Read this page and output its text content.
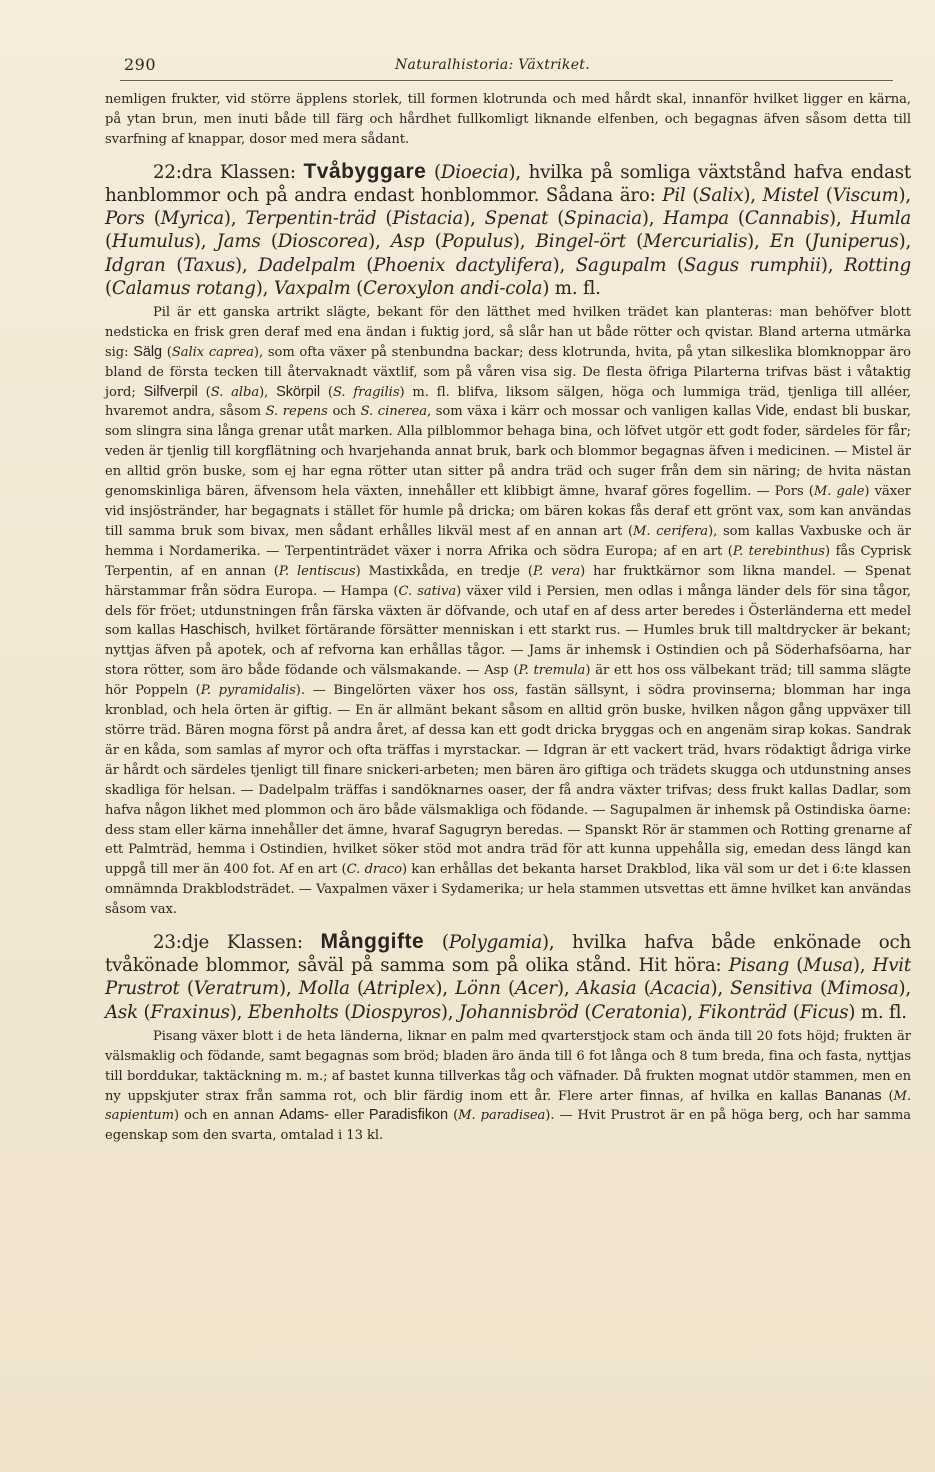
290	Naturalhistoria: Växtriket.

nemligen frukter, vid större äpplens storlek, till formen klotrunda och med hårdt skal, innanför hvilket ligger en kärna, på ytan brun, men inuti både till färg och hårdhet fullkomligt liknande elfenben, och begagnas äfven såsom detta till svarfning af knappar, dosor med mera sådant.

22:dra Klassen: Tvåbyggare (Dioecia), hvilka på somliga växtstånd hafva endast hanblommor och på andra endast honblommor. Sådana äro: Pil (Salix), Mistel (Viscum), Pors (Myrica), Terpentin-träd (Pistacia), Spenat (Spinacia), Hampa (Cannabis), Humla (Humulus), Jams (Dioscorea), Asp (Populus), Bingel-ört (Mercurialis), En (Juniperus), Idgran (Taxus), Dadelpalm (Phoenix dactylifera), Sagupalm (Sagus rumphii), Rotting (Calamus rotang), Vaxpalm (Ceroxylon andi-cola) m. fl.

Pil är ett ganska artrikt slägte, bekant för den lätthet med hvilken trädet kan planteras: man behöfver blott nedsticka en frisk gren deraf med ena ändan i fuktig jord, så slår han ut både rötter och qvistar. Bland arterna utmärka sig: Sälg (Salix caprea), som ofta växer på stenbundna backar; dess klotrunda, hvita, på ytan silkeslika blomknoppar äro bland de första tecken till återvaknadt växtlif, som på våren visa sig. De flesta öfriga Pilarterna trifvas bäst i våtaktig jord; Silfverpil (S. alba), Skörpil (S. fragilis) m. fl. blifva, liksom sälgen, höga och lummiga träd, tjenliga till alléer, hvaremot andra, såsom S. repens och S. cinerea, som växa i kärr och mossar och vanligen kallas Vide, endast bli buskar, som slingra sina långa grenar utåt marken. Alla pilblommor behaga bina, och löfvet utgör ett godt foder, särdeles för får; veden är tjenlig till korgflätning och hvarjehanda annat bruk, bark och blommor begagnas äfven i medicinen. — Mistel är en alltid grön buske, som ej har egna rötter utan sitter på andra träd och suger från dem sin näring; de hvita nästan genomskinliga bären, äfvensom hela växten, innehåller ett klibbigt ämne, hvaraf göres fogellim. — Pors (M. gale) växer vid insjöstränder, har begagnats i stället för humle på dricka; om bären kokas fås deraf ett grönt vax, som kan användas till samma bruk som bivax, men sådant erhålles likväl mest af en annan art (M. cerifera), som kallas Vaxbuske och är hemma i Nordamerika. — Terpentinträdet växer i norra Afrika och södra Europa; af en art (P. terebinthus) fås Cyprisk Terpentin, af en annan (P. lentiscus) Mastixkåda, en tredje (P. vera) har fruktkärnor som likna mandel. — Spenat härstammar från södra Europa. — Hampa (C. sativa) växer vild i Persien, men odlas i många länder dels för sina tågor, dels för fröet; utdunstningen från färska växten är döfvande, och utaf en af dess arter beredes i Österländerna ett medel som kallas Haschisch, hvilket förtärande försätter menniskan i ett starkt rus. — Humles bruk till maltdrycker är bekant; nyttjas äfven på apotek, och af refvorna kan erhållas tågor. — Jams är inhemsk i Ostindien och på Söderhafsöarna, har stora rötter, som äro både födande och välsmakande. — Asp (P. tremula) är ett hos oss välbekant träd; till samma slägte hör Poppeln (P. pyramidalis). — Bingelörten växer hos oss, fastän sällsynt, i södra provinserna; blomman har inga kronblad, och hela örten är giftig. — En är allmänt bekant såsom en alltid grön buske, hvilken någon gång uppväxer till större träd. Bären mogna först på andra året, af dessa kan ett godt dricka bryggas och en angenäm sirap kokas. Sandrak är en kåda, som samlas af myror och ofta träffas i myrstackar. — Idgran är ett vackert träd, hvars rödaktigt ådriga virke är hårdt och särdeles tjenligt till finare snickeri-arbeten; men bären äro giftiga och trädets skugga och utdunstning anses skadliga för helsan. — Dadelpalm träffas i sandöknarnes oaser, der få andra växter trifvas; dess frukt kallas Dadlar, som hafva någon likhet med plommon och äro både välsmakliga och födande. — Sagupalmen är inhemsk på Ostindiska öarne: dess stam eller kärna innehåller det ämne, hvaraf Sagugryn beredas. — Spanskt Rör är stammen och Rotting grenarne af ett Palmträd, hemma i Ostindien, hvilket söker stöd mot andra träd för att kunna uppehålla sig, emedan dess längd kan uppgå till mer än 400 fot. Af en art (C. draco) kan erhållas det bekanta harset Drakblod, lika väl som ur det i 6:te klassen omnämnda Drakblodsträdet. — Vaxpalmen växer i Sydamerika; ur hela stammen utsvettas ett ämne hvilket kan användas såsom vax.

23:dje Klassen: Månggifte (Polygamia), hvilka hafva både enkönade och tvåkönade blommor, såväl på samma som på olika stånd. Hit höra: Pisang (Musa), Hvit Prustrot (Veratrum), Molla (Atriplex), Lönn (Acer), Akasia (Acacia), Sensitiva (Mimosa), Ask (Fraxinus), Ebenholts (Diospyros), Johannisbröd (Ceratonia), Fikonträd (Ficus) m. fl.

Pisang växer blott i de heta länderna, liknar en palm med qvarterstjock stam och ända till 20 fots höjd; frukten är välsmaklig och födande, samt begagnas som bröd; bladen äro ända till 6 fot långa och 8 tum breda, fina och fasta, nyttjas till borddukar, taktäckning m. m.; af bastet kunna tillverkas tåg och väfnader. Då frukten mognat utdör stammen, men en ny uppskjuter strax från samma rot, och blir färdig inom ett år. Flere arter finnas, af hvilka en kallas Bananas (M. sapientum) och en annan Adams- eller Paradisfikon (M. paradisea). — Hvit Prustrot är en på höga berg, och har samma egenskap som den svarta, omtalad i 13 kl.
